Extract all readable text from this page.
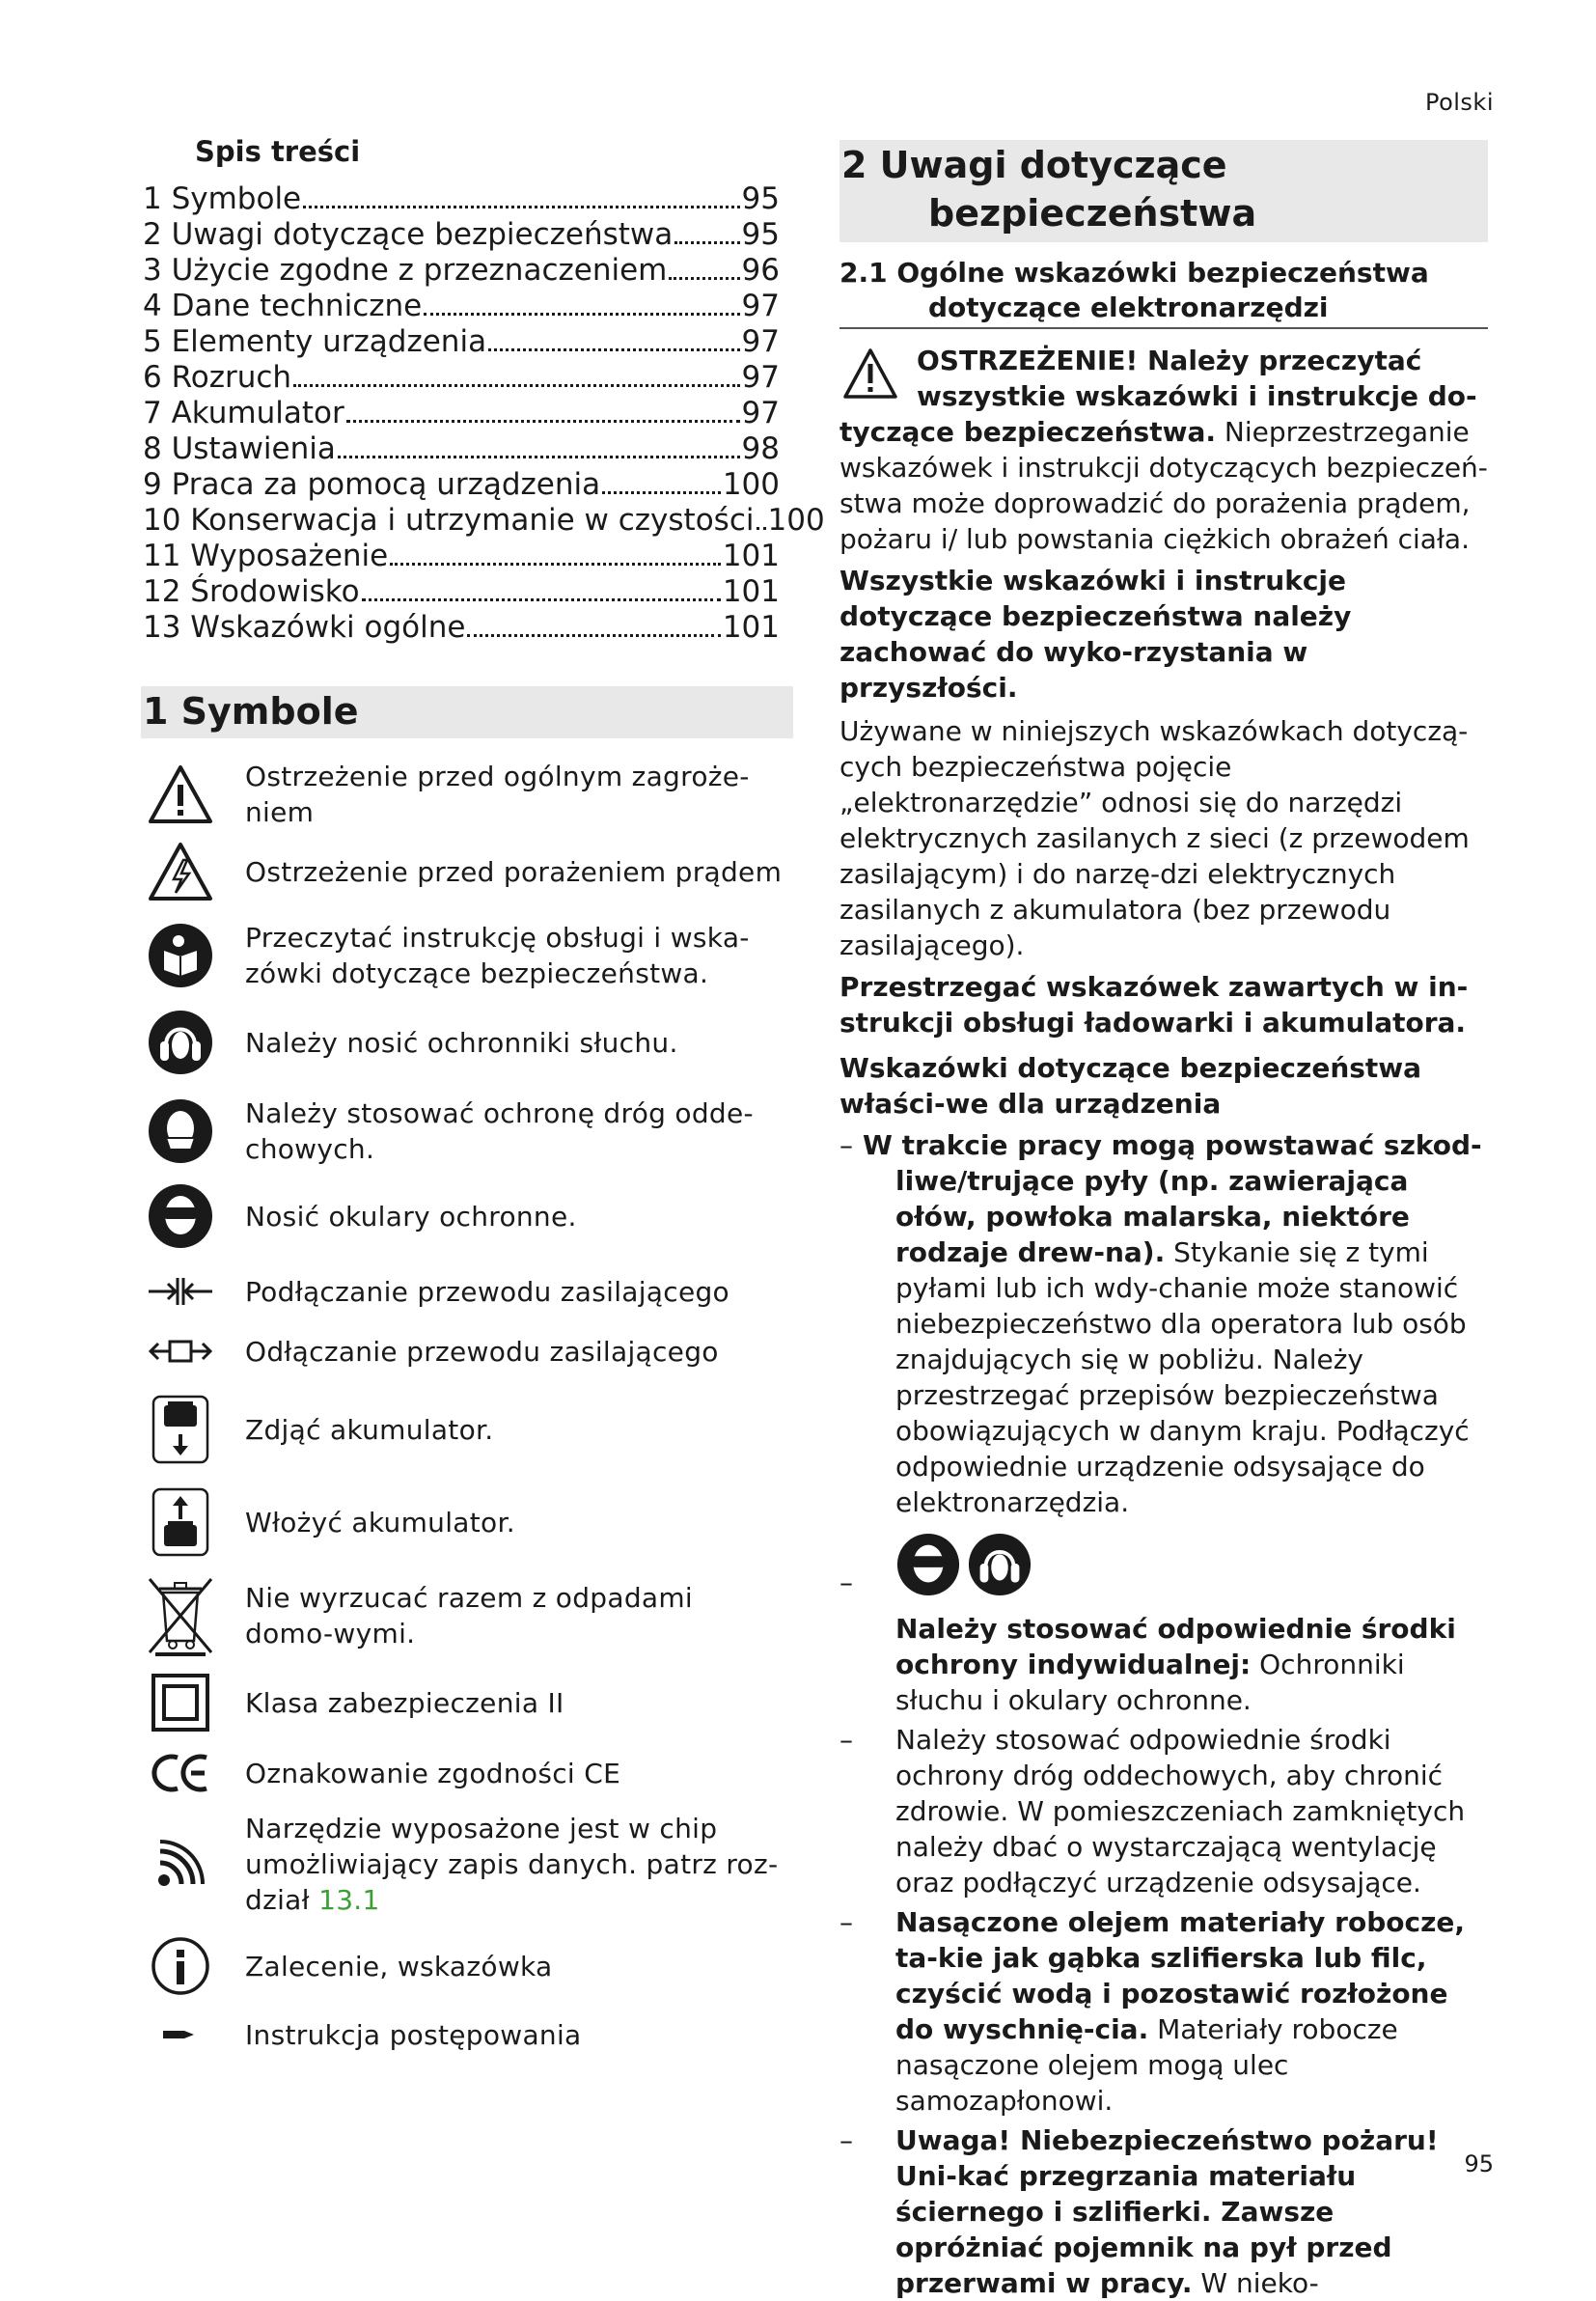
Polski
Spis treści
1 Symbole	95
2 Uwagi dotyczące bezpieczeństwa 95
3 Użycie zgodne z przeznaczeniem 96
4 Dane techniczne	97
5 Elementy urządzenia	97
6 Rozruch	97
7 Akumulator	97
8 Ustawienia	98
9 Praca za pomocą urządzenia	100
10 Konserwacja i utrzymanie w czystości 100
11 Wyposażenie	101
12 Środowisko	101
13 Wskazówki ogólne	101
1 Symbole
Ostrzeżenie przed ogólnym zagroże-niem
Ostrzeżenie przed porażeniem prądem
Przeczytać instrukcję obsługi i wska-zówki dotyczące bezpieczeństwa.
Należy nosić ochronniki słuchu.
Należy stosować ochronę dróg odde-chowych.
Nosić okulary ochronne.
Podłączanie przewodu zasilającego
Odłączanie przewodu zasilającego
Zdjąć akumulator.
Włożyć akumulator.
Nie wyrzucać razem z odpadami domo-wymi.
Klasa zabezpieczenia II
Oznakowanie zgodności CE
Narzędzie wyposażone jest w chip umożliwiający zapis danych. patrz roz-dział 13.1
Zalecenie, wskazówka
Instrukcja postępowania
2 Uwagi dotyczące
bezpieczeństwa
2.1 Ogólne wskazówki bezpieczeństwa
dotyczące elektronarzędzi
OSTRZEŻENIE! Należy przeczytać
wszystkie wskazówki i instrukcje do-
tyczące bezpieczeństwa. Nieprzestrzeganie wskazówek i instrukcji dotyczących bezpieczeń-stwa może doprowadzić do porażenia prądem, pożaru i/ lub powstania ciężkich obrażeń ciała.
Wszystkie wskazówki i instrukcje dotyczące bezpieczeństwa należy zachować do wyko-rzystania w przyszłości.
Używane w niniejszych wskazówkach dotyczą-cych bezpieczeństwa pojęcie „elektronarzędzie” odnosi się do narzędzi elektrycznych zasilanych z sieci (z przewodem zasilającym) i do narzę-dzi elektrycznych zasilanych z akumulatora (bez przewodu zasilającego).
Przestrzegać wskazówek zawartych w in-strukcji obsługi ładowarki i akumulatora.
Wskazówki dotyczące bezpieczeństwa właści-we dla urządzenia
– W trakcie pracy mogą powstawać szkod-liwe/trujące pyły (np. zawierająca ołów, powłoka malarska, niektóre rodzaje drew-na). Stykanie się z tymi pyłami lub ich wdy-chanie może stanowić niebezpieczeństwo dla operatora lub osób znajdujących się w pobliżu. Należy przestrzegać przepisów bezpieczeństwa obowiązujących w danym kraju. Podłączyć odpowiednie urządzenie odsysające do elektronarzędzia.
–
Należy stosować odpowiednie środki ochrony indywidualnej: Ochronniki słuchu i okulary ochronne.
– Należy stosować odpowiednie środki ochrony dróg oddechowych, aby chronić zdrowie. W pomieszczeniach zamkniętych należy dbać o wystarczającą wentylację oraz podłączyć urządzenie odsysające.
– Nasączone olejem materiały robocze, ta-kie jak gąbka szlifierska lub filc, czyścić wodą i pozostawić rozłożone do wyschnię-cia. Materiały robocze nasączone olejem mogą ulec samozapłonowi.
– Uwaga! Niebezpieczeństwo pożaru! Uni-kać przegrzania materiału ściernego i szlifierki. Zawsze opróżniać pojemnik na pył przed przerwami w pracy. W nieko-
95
